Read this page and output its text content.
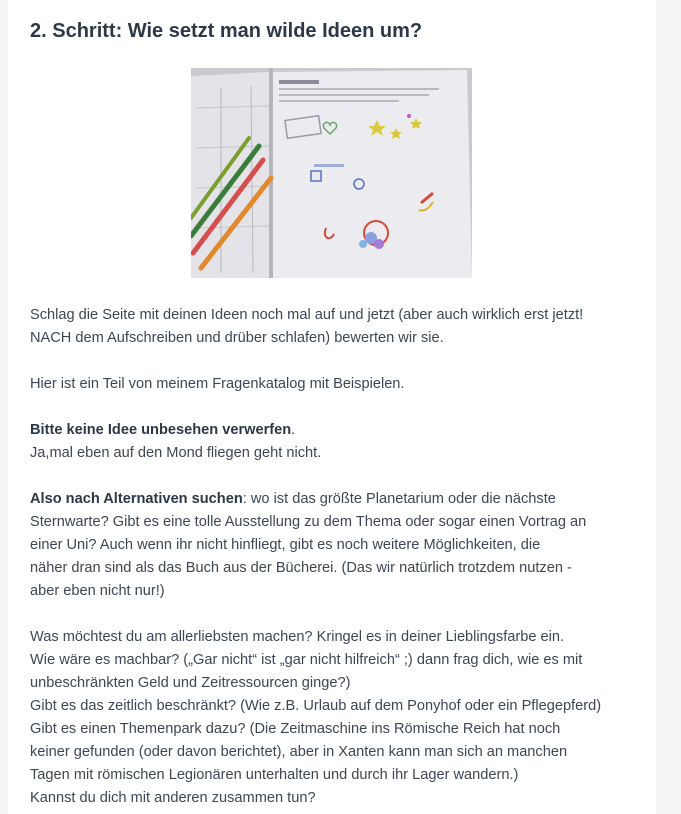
2. Schritt: Wie setzt man wilde Ideen um?

Schlag die Seite mit deinen Ideen noch mal auf und jetzt (aber auch wirklich erst jetzt!

NACH dem Aufschreiben und drüber schlafen) bewerten wir sie.

Hier ist ein Teil von meinem Fragenkatalog mit Beispielen.

Bitte keine Idee unbesehen verwerfen.

Ja,mal eben auf den Mond fliegen geht nicht.

Also nach Alternativen suchen: wo ist das größte Planetarium oder die nächste

Sternwarte? Gibt es eine tolle Ausstellung zu dem Thema oder sogar einen Vortrag an

einer Uni? Auch wenn ihr nicht hinfliegt, gibt es noch weitere Möglichkeiten, die

näher dran sind als das Buch aus der Bücherei. (Das wir natürlich trotzdem nutzen -

aber eben nicht nur!)

Was möchtest du am allerliebsten machen? Kringel es in deiner Lieblingsfarbe ein.

Wie wäre es machbar? („Gar nicht“ ist „gar nicht hilfreich“ ;) dann frag dich, wie es mit

unbeschränkten Geld und Zeitressourcen ginge?)

Gibt es das zeitlich beschränkt? (Wie z.B. Urlaub auf dem Ponyhof oder ein Pflegepferd)

Gibt es einen Themenpark dazu? (Die Zeitmaschine ins Römische Reich hat noch

keiner gefunden (oder davon berichtet), aber in Xanten kann man sich an manchen

Tagen mit römischen Legionären unterhalten und durch ihr Lager wandern.)

Kannst du dich mit anderen zusammen tun?
